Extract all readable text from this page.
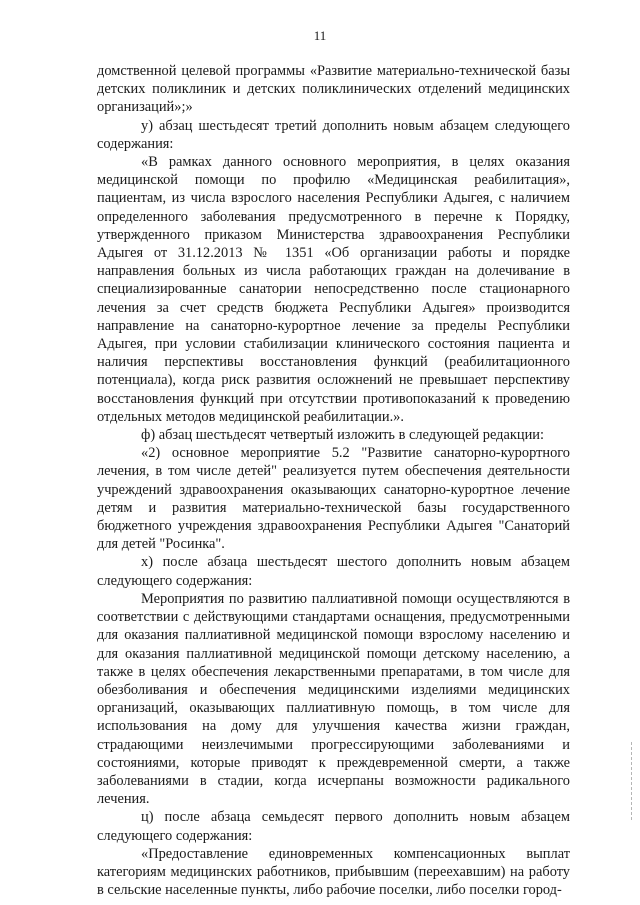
11

домственной целевой программы «Развитие материально-технической базы детских поликлиник и детских поликлинических отделений медицинских организаций»;»

у) абзац шестьдесят третий дополнить новым абзацем следующего содержания:

«В рамках данного основного мероприятия, в целях оказания медицинской помощи по профилю «Медицинская реабилитация», пациентам, из числа взрослого населения Республики Адыгея, с наличием определенного заболевания предусмотренного в перечне к Порядку, утвержденного приказом Министерства здравоохранения Республики Адыгея от 31.12.2013 № 1351 «Об организации работы и порядке направления больных из числа работающих граждан на долечивание в специализированные санатории непосредственно после стационарного лечения за счет средств бюджета Республики Адыгея» производится направление на санаторно-курортное лечение за пределы Республики Адыгея, при условии стабилизации клинического состояния пациента и наличия перспективы восстановления функций (реабилитационного потенциала), когда риск развития осложнений не превышает перспективу восстановления функций при отсутствии противопоказаний к проведению отдельных методов медицинской реабилитации.».

ф) абзац шестьдесят четвертый изложить в следующей редакции:

«2) основное мероприятие 5.2 "Развитие санаторно-курортного лечения, в том числе детей" реализуется путем обеспечения деятельности учреждений здравоохранения оказывающих санаторно-курортное лечение детям и развития материально-технической базы государственного бюджетного учреждения здравоохранения Республики Адыгея "Санаторий для детей "Росинка".

х) после абзаца шестьдесят шестого дополнить новым абзацем следующего содержания:

Мероприятия по развитию паллиативной помощи осуществляются в соответствии с действующими стандартами оснащения, предусмотренными для оказания паллиативной медицинской помощи взрослому населению и для оказания паллиативной медицинской помощи детскому населению, а также в целях обеспечения лекарственными препаратами, в том числе для обезболивания и обеспечения медицинскими изделиями медицинских организаций, оказывающих паллиативную помощь, в том числе для использования на дому для улучшения качества жизни граждан, страдающими неизлечимыми прогрессирующими заболеваниями и состояниями, которые приводят к преждевременной смерти, а также заболеваниями в стадии, когда исчерпаны возможности радикального лечения.

ц) после абзаца семьдесят первого дополнить новым абзацем следующего содержания:

«Предоставление единовременных компенсационных выплат категориям медицинских работников, прибывшим (переехавшим) на работу в сельские населенные пункты, либо рабочие поселки, либо поселки город-
